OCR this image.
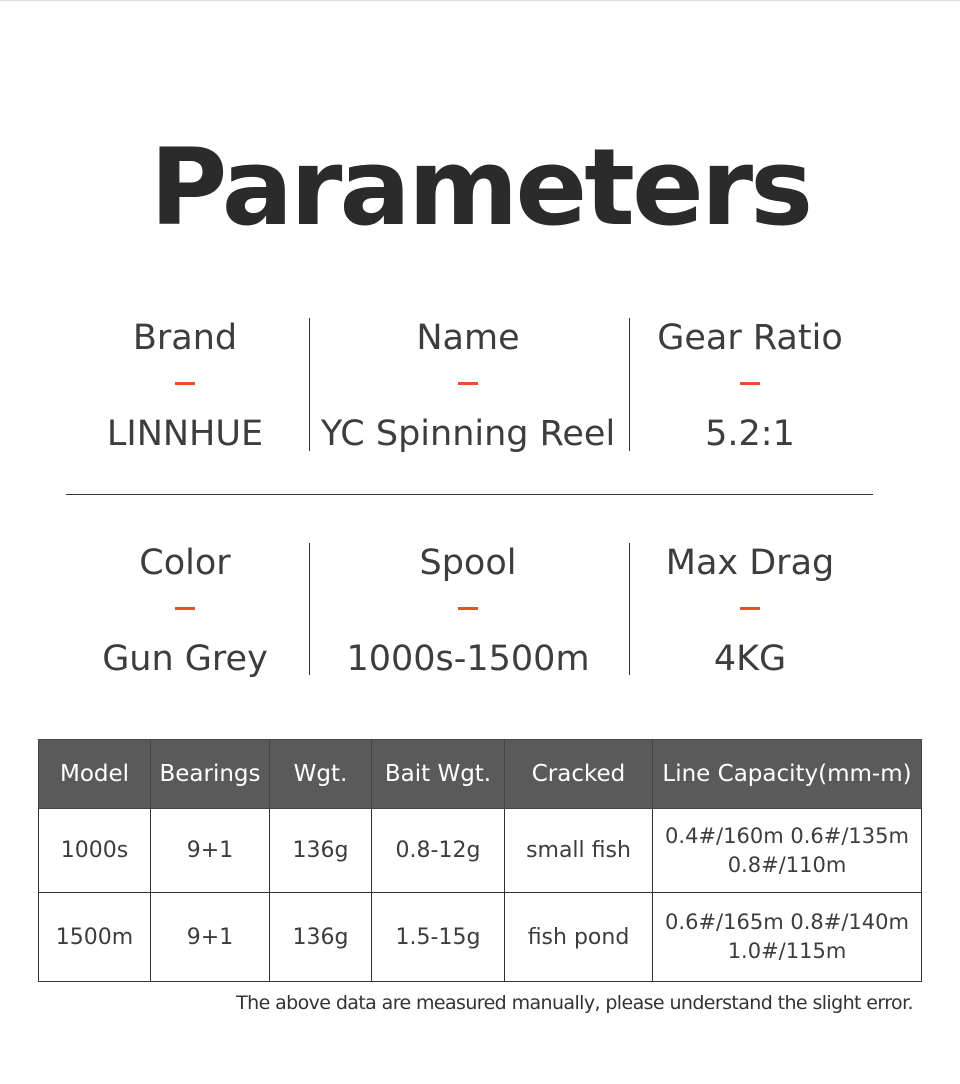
Parameters
Brand
LINNHUE
Name
YC Spinning Reel
Gear Ratio
5.2:1
Color
Gun Grey
Spool
1000s-1500m
Max Drag
4KG
Model	Bearings	Wgt.	Bait Wgt.	Cracked	Line Capacity(mm-m)
1000s	9+1	136g	0.8-12g	small fish	0.4#/160m 0.6#/135m
0.8#/110m

1500m	9+1	136g	1.5-15g	fish pond	0.6#/165m 0.8#/140m
1.0#/115m
The above data are measured manually, please understand the slight error.
